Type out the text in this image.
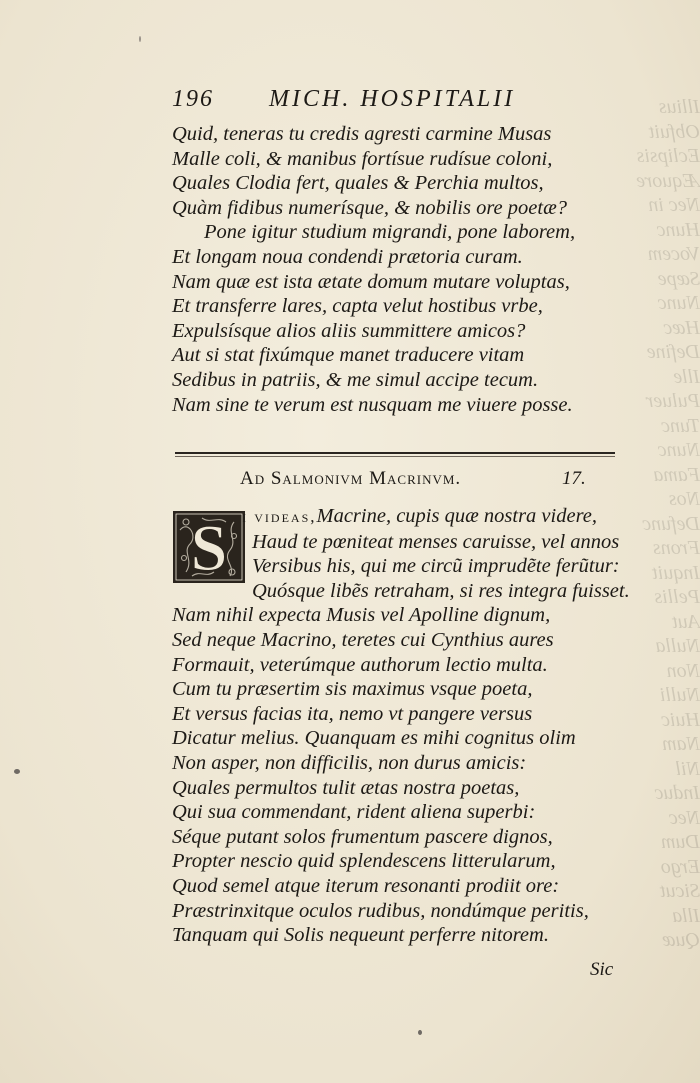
Illius
Obfuit
Eclipsis
Æquore
Nec in
Hunc
Vocem
Sæpe
Nunc
Hæc
Define
Ille
Puluer
Tunc
Nunc
Fama
Nos
Defunc
Frons
Inquit
Pellis
Aut
Nulla
Non
Nulli
Huic
Nam
Nil
Induc
Nec
Dum
Ergo
Sicut
Illa
Quæ
196 MICH. HOSPITALII
Quid, teneras tu credis agresti carmine Musas
Malle coli, & manibus fortísue rudísue coloni,
Quales Clodia fert, quales & Perchia multos,
Quàm fidibus numerísque, & nobilis ore poetæ?
Pone igitur studium migrandi, pone laborem,
Et longam noua condendi prætoria curam.
Nam quæ est ista ætate domum mutare voluptas,
Et transferre lares, capta velut hostibus vrbe,
Expulsísque alios aliis summittere amicos?
Aut si stat fixúmque manet traducere vitam
Sedibus in patriis, & me simul accipe tecum.
Nam sine te verum est nusquam me viuere posse.
Ad Salmonivm Macrinvm.	17.
S i videas,Macrine, cupis quæ nostra videre,
Haud te pœniteat menses caruisse, vel annos
Versibus his, qui me circũ imprudẽte ferũtur:
Quósque libẽs retraham, si res integra fuisset.
Nam nihil expecta Musis vel Apolline dignum,
Sed neque Macrino, teretes cui Cynthius aures
Formauit, veterúmque authorum lectio multa.
Cum tu præsertim sis maximus vsque poeta,
Et versus facias ita, nemo vt pangere versus
Dicatur melius. Quanquam es mihi cognitus olim
Non asper, non difficilis, non durus amicis:
Quales permultos tulit ætas nostra poetas,
Qui sua commendant, rident aliena superbi:
Séque putant solos frumentum pascere dignos,
Propter nescio quid splendescens litterularum,
Quod semel atque iterum resonanti prodiit ore:
Præstrinxitque oculos rudibus, nondúmque peritis,
Tanquam qui Solis nequeunt perferre nitorem.
Sic
